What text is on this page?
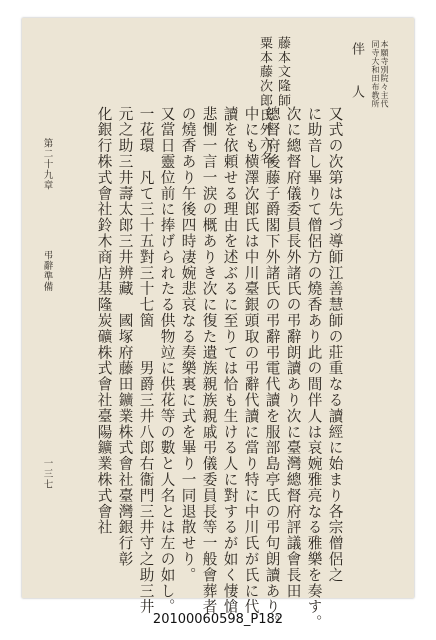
本願寺別院々主代
同寺大和田布教所
伴　　人
藤本文隆師
粟本藤次郎氏外六名
又式の次第は先づ導師江善慧師の莊重なる讀經に始まり各宗僧侶之
に助音し畢りて僧侶方の燒香あり此の間伴人は哀婉雅亮なる雅樂を奏す。
次に總督府儀委員長外諸氏の弔辭朗讀あり次に臺灣總督府評議會長田
總督府後藤子爵閣下外諸氏の弔辭弔電代讀を服部島亭氏の弔句朗讀あり。
中にも横澤次郎氏は中川臺銀頭取の弔辭代讀に當り特に中川氏が氏に代
讀を依頼せる理由を述ぶるに至りては恰も生ける人に對するが如く悽愴
悲惻一言一涙の概ありき次に復た遺族親族親戚弔儀委員長等一般會葬者
の燒香あり午後四時凄婉悲哀なる奏樂裏に式を畢り一同退散せり。
又當日靈位前に捧げられたる供物竝に供花等の數と人名とは左の如し。
一花環　凡て三十五對三十七箇　　男爵三井八郎右衞門三井守之助三井
元之助三井壽太郎三井辨藏　國塚府藤田鑛業株式會社臺灣銀行彰
化銀行株式會社鈴木商店基隆炭礦株式會社臺陽鑛業株式會社
第二十九章
弔辭準備
一三七
20100060598_P182
